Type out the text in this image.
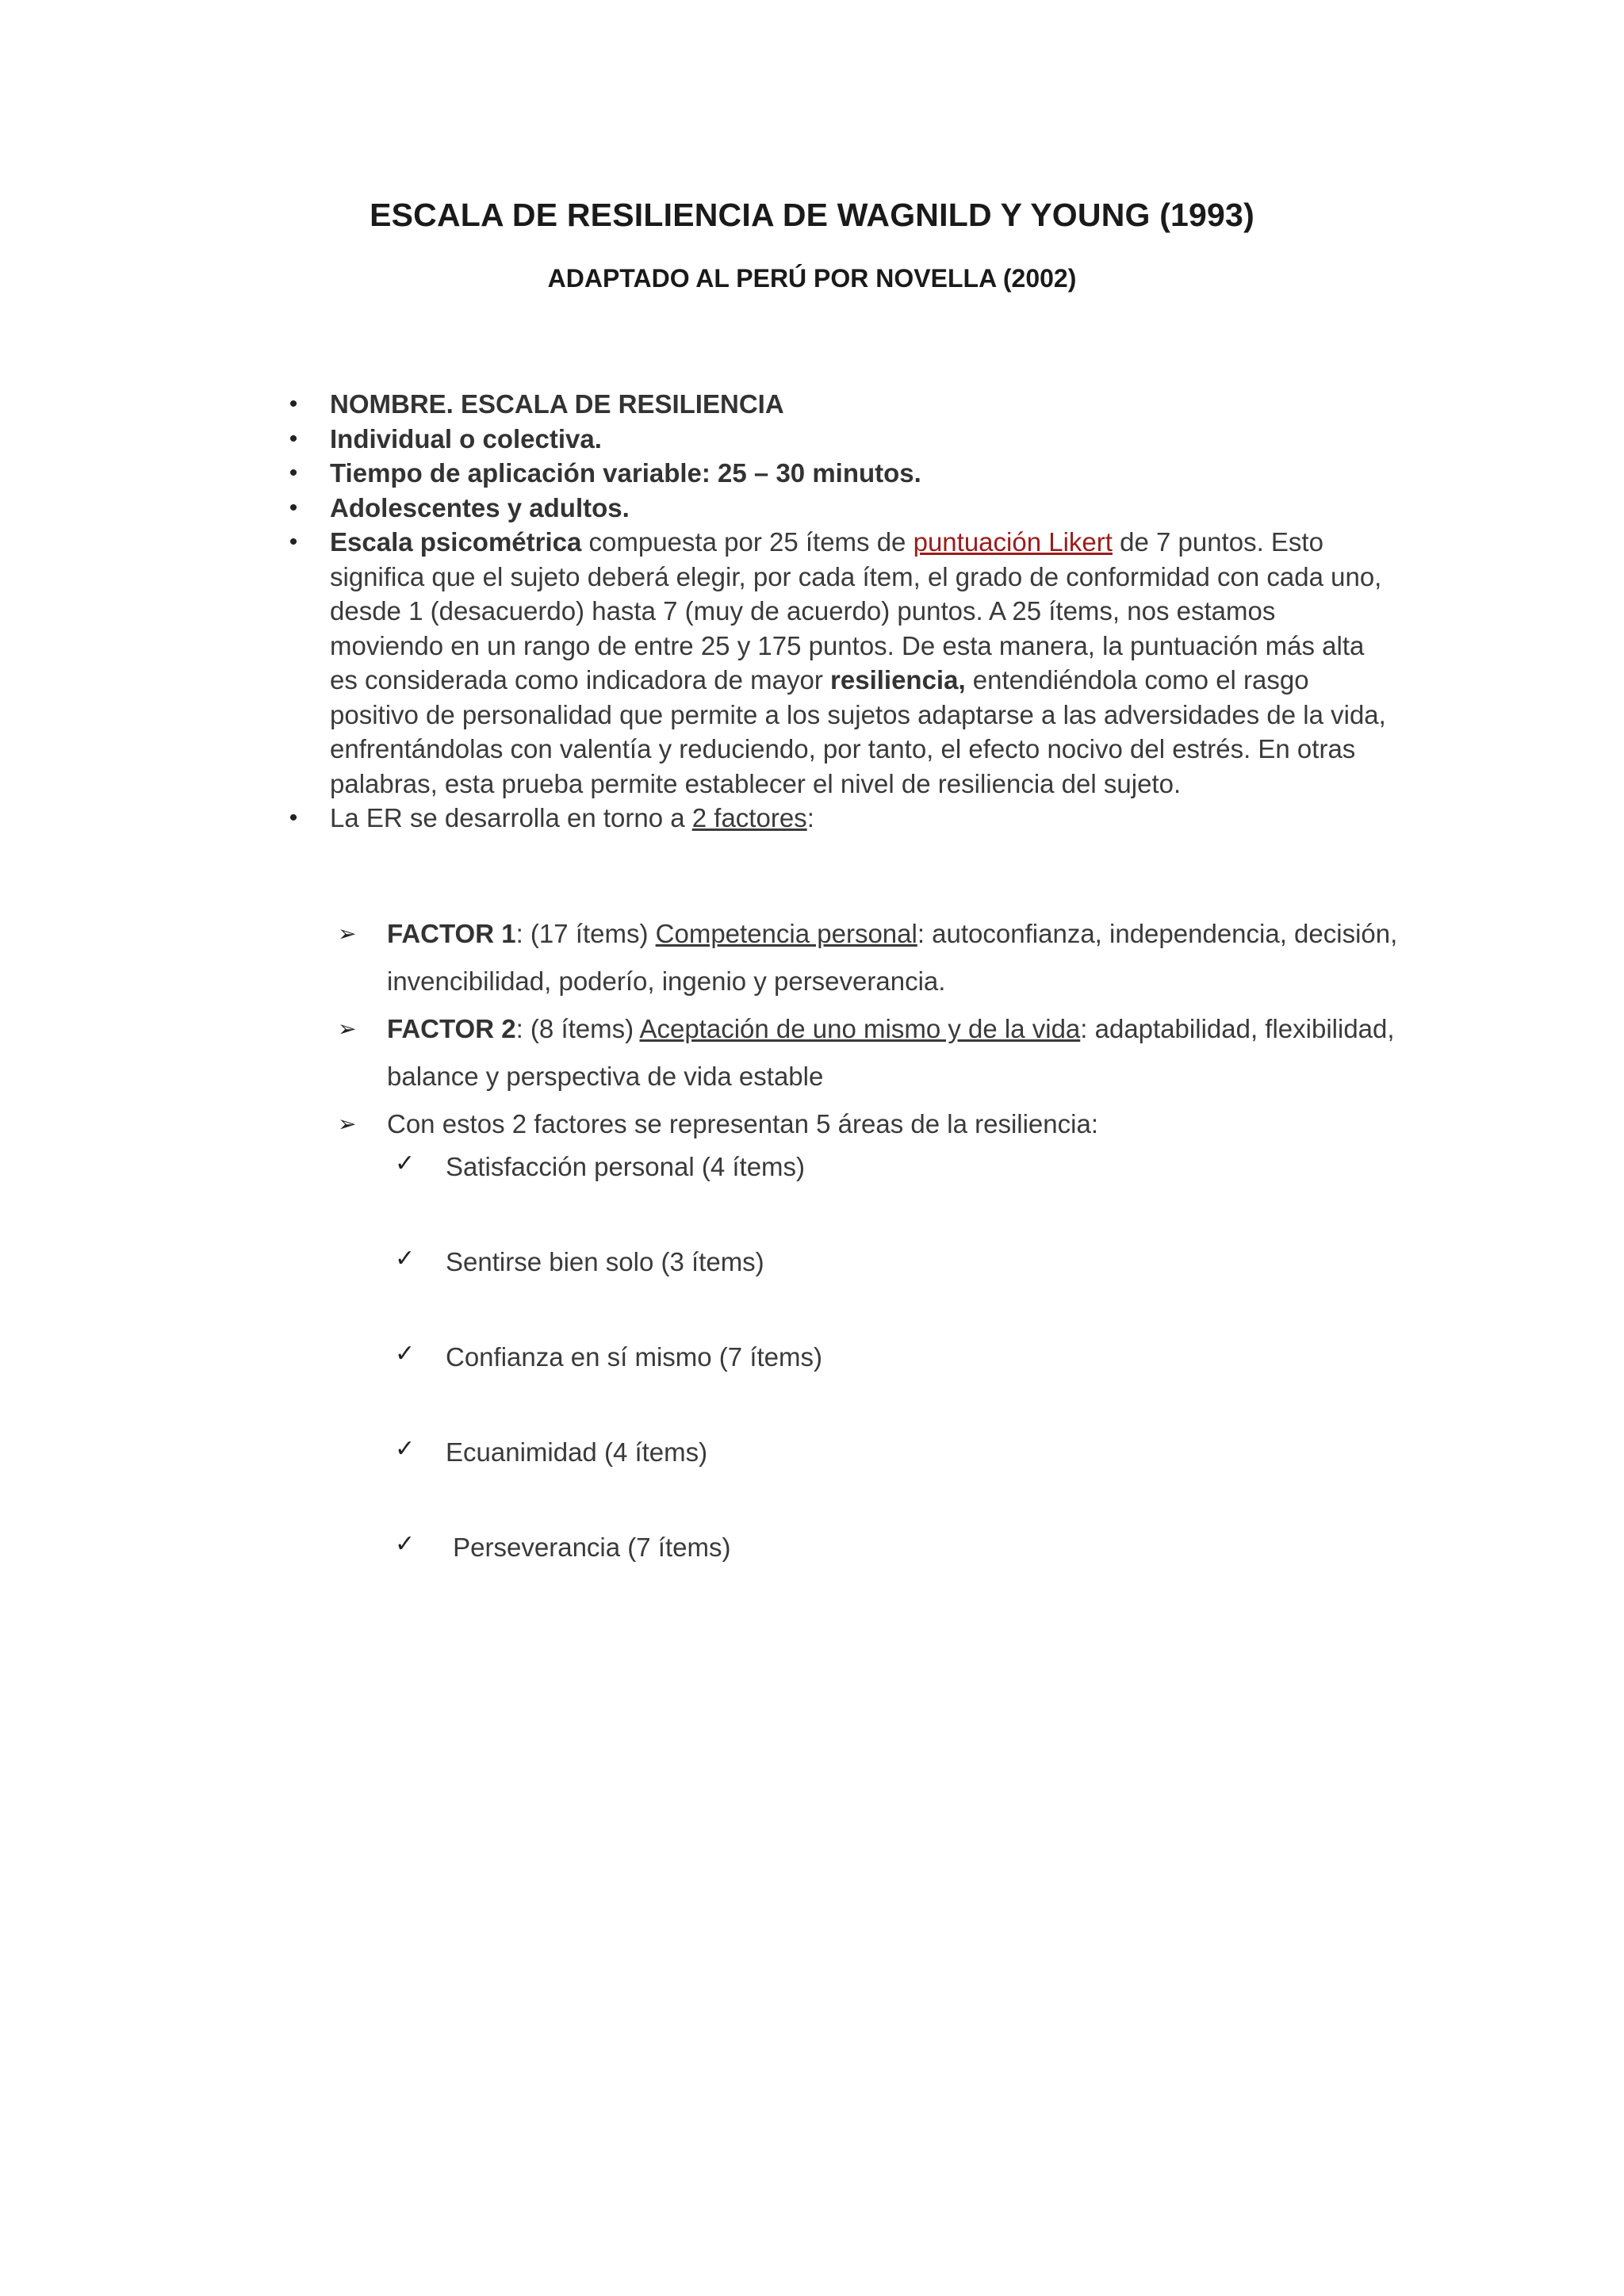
ESCALA DE RESILIENCIA DE WAGNILD Y YOUNG (1993)
ADAPTADO AL PERÚ POR NOVELLA (2002)
• NOMBRE. ESCALA DE RESILIENCIA
• Individual o colectiva.
• Tiempo de aplicación variable: 25 – 30 minutos.
• Adolescentes y adultos.
• Escala psicométrica compuesta por 25 ítems de puntuación Likert de 7 puntos. Esto significa que el sujeto deberá elegir, por cada ítem, el grado de conformidad con cada uno, desde 1 (desacuerdo) hasta 7 (muy de acuerdo) puntos. A 25 ítems, nos estamos moviendo en un rango de entre 25 y 175 puntos. De esta manera, la puntuación más alta es considerada como indicadora de mayor resiliencia, entendiéndola como el rasgo positivo de personalidad que permite a los sujetos adaptarse a las adversidades de la vida, enfrentándolas con valentía y reduciendo, por tanto, el efecto nocivo del estrés. En otras palabras, esta prueba permite establecer el nivel de resiliencia del sujeto.
• La ER se desarrolla en torno a 2 factores:
➢ FACTOR 1: (17 ítems) Competencia personal: autoconfianza, independencia, decisión, invencibilidad, poderío, ingenio y perseverancia.
➢ FACTOR 2: (8 ítems) Aceptación de uno mismo y de la vida: adaptabilidad, flexibilidad, balance y perspectiva de vida estable
➢ Con estos 2 factores se representan 5 áreas de la resiliencia:
✓ Satisfacción personal (4 ítems)
✓ Sentirse bien solo (3 ítems)
✓ Confianza en sí mismo (7 ítems)
✓ Ecuanimidad (4 ítems)
✓ Perseverancia (7 ítems)
